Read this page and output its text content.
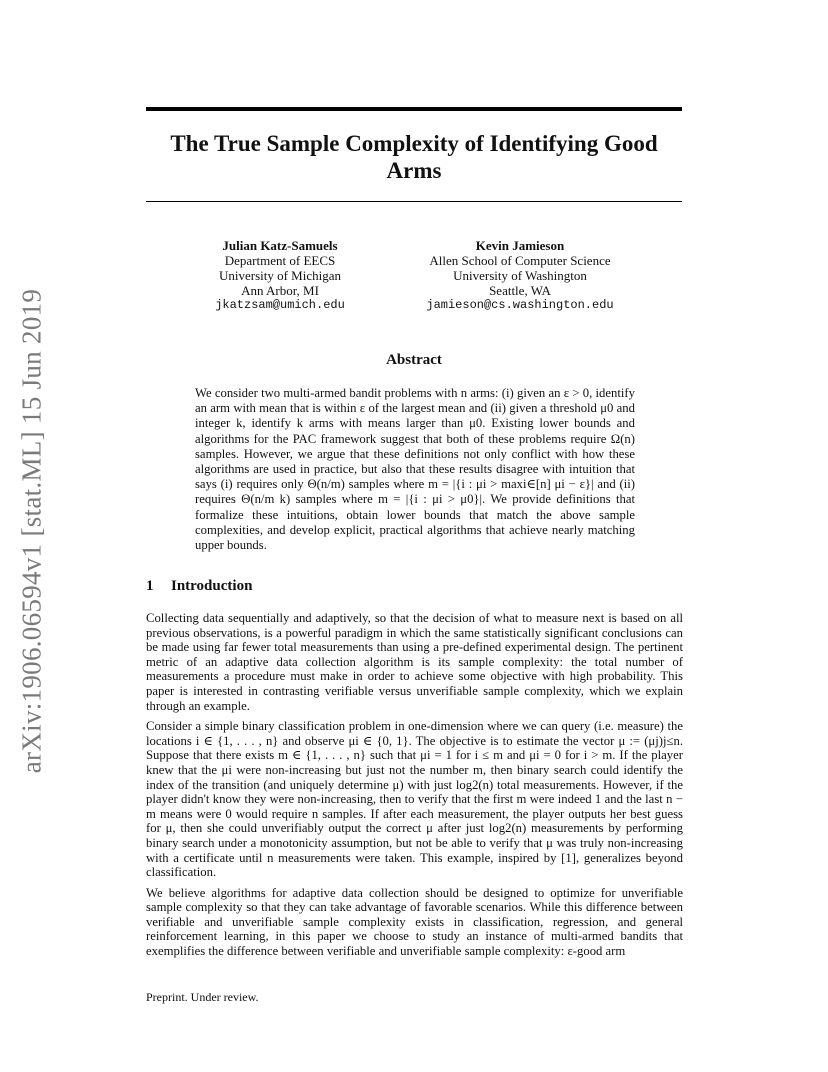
arXiv:1906.06594v1 [stat.ML] 15 Jun 2019
The True Sample Complexity of Identifying Good Arms
Julian Katz-Samuels
Department of EECS
University of Michigan
Ann Arbor, MI
jkatzsam@umich.edu
Kevin Jamieson
Allen School of Computer Science
University of Washington
Seattle, WA
jamieson@cs.washington.edu
Abstract
We consider two multi-armed bandit problems with n arms: (i) given an ε > 0, identify an arm with mean that is within ε of the largest mean and (ii) given a threshold μ0 and integer k, identify k arms with means larger than μ0. Existing lower bounds and algorithms for the PAC framework suggest that both of these problems require Ω(n) samples. However, we argue that these definitions not only conflict with how these algorithms are used in practice, but also that these results disagree with intuition that says (i) requires only Θ(n/m) samples where m = |{i : μi > maxi∈[n] μi − ε}| and (ii) requires Θ(n/m k) samples where m = |{i : μi > μ0}|. We provide definitions that formalize these intuitions, obtain lower bounds that match the above sample complexities, and develop explicit, practical algorithms that achieve nearly matching upper bounds.
1 Introduction

Collecting data sequentially and adaptively, so that the decision of what to measure next is based on all previous observations, is a powerful paradigm in which the same statistically significant conclusions can be made using far fewer total measurements than using a pre-defined experimental design. The pertinent metric of an adaptive data collection algorithm is its sample complexity: the total number of measurements a procedure must make in order to achieve some objective with high probability. This paper is interested in contrasting verifiable versus unverifiable sample complexity, which we explain through an example.

Consider a simple binary classification problem in one-dimension where we can query (i.e. measure) the locations i ∈ {1, . . . , n} and observe μi ∈ {0, 1}. The objective is to estimate the vector μ := (μj)j≤n. Suppose that there exists m ∈ {1, . . . , n} such that μi = 1 for i ≤ m and μi = 0 for i > m. If the player knew that the μi were non-increasing but just not the number m, then binary search could identify the index of the transition (and uniquely determine μ) with just log2(n) total measurements. However, if the player didn't know they were non-increasing, then to verify that the first m were indeed 1 and the last n − m means were 0 would require n samples. If after each measurement, the player outputs her best guess for μ, then she could unverifiably output the correct μ after just log2(n) measurements by performing binary search under a monotonicity assumption, but not be able to verify that μ was truly non-increasing with a certificate until n measurements were taken. This example, inspired by [1], generalizes beyond classification.

We believe algorithms for adaptive data collection should be designed to optimize for unverifiable sample complexity so that they can take advantage of favorable scenarios. While this difference between verifiable and unverifiable sample complexity exists in classification, regression, and general reinforcement learning, in this paper we choose to study an instance of multi-armed bandits that exemplifies the difference between verifiable and unverifiable sample complexity: ε-good arm

Preprint. Under review.
